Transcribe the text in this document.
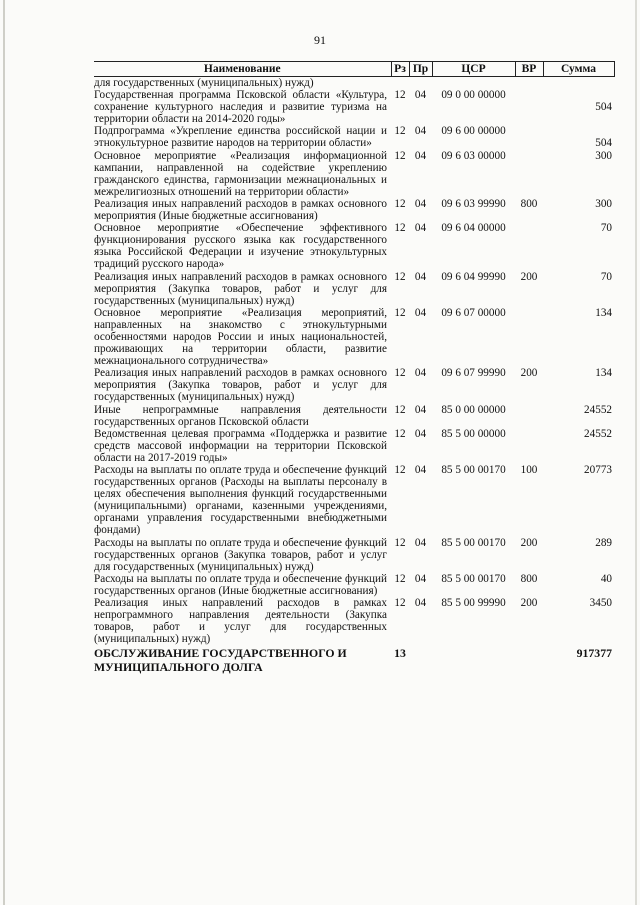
91
Наименование	Рз	Пр	ЦСР	ВР	Сумма
для государственных (муниципальных) нужд)					
Государственная программа Псковской области «Культура, сохранение культурного наследия и развитие туризма на территории области на 2014-2020 годы»	12	04	09 0 00 00000		504
Подпрограмма «Укрепление единства российской нации и этнокультурное развитие народов на территории области»	12	04	09 6 00 00000		504
Основное мероприятие «Реализация информационной кампании, направленной на содействие укреплению гражданского единства, гармонизации межнациональных и межрелигиозных отношений на территории области»	12	04	09 6 03 00000		300
Реализация иных направлений расходов в рамках основного мероприятия (Иные бюджетные ассигнования)	12	04	09 6 03 99990	800	300
Основное мероприятие «Обеспечение эффективного функционирования русского языка как государственного языка Российской Федерации и изучение этнокультурных традиций русского народа»	12	04	09 6 04 00000		70
Реализация иных направлений расходов в рамках основного мероприятия (Закупка товаров, работ и услуг для государственных (муниципальных) нужд)	12	04	09 6 04 99990	200	70
Основное мероприятие «Реализация мероприятий, направленных на знакомство с этнокультурными особенностями народов России и иных национальностей, проживающих на территории области, развитие межнационального сотрудничества»	12	04	09 6 07 00000		134
Реализация иных направлений расходов в рамках основного мероприятия (Закупка товаров, работ и услуг для государственных (муниципальных) нужд)	12	04	09 6 07 99990	200	134
Иные непрограммные направления деятельности государственных органов Псковской области	12	04	85 0 00 00000		24552
Ведомственная целевая программа «Поддержка и развитие средств массовой информации на территории Псковской области на 2017-2019 годы»	12	04	85 5 00 00000		24552
Расходы на выплаты по оплате труда и обеспечение функций государственных органов (Расходы на выплаты персоналу в целях обеспечения выполнения функций государственными (муниципальными) органами, казенными учреждениями, органами управления государственными внебюджетными фондами)	12	04	85 5 00 00170	100	20773
Расходы на выплаты по оплате труда и обеспечение функций государственных органов (Закупка товаров, работ и услуг для государственных (муниципальных) нужд)	12	04	85 5 00 00170	200	289
Расходы на выплаты по оплате труда и обеспечение функций государственных органов (Иные бюджетные ассигнования)	12	04	85 5 00 00170	800	40
Реализация иных направлений расходов в рамках непрограммного направления деятельности (Закупка товаров, работ и услуг для государственных (муниципальных) нужд)	12	04	85 5 00 99990	200	3450
ОБСЛУЖИВАНИЕ ГОСУДАРСТВЕННОГО И МУНИЦИПАЛЬНОГО ДОЛГА	13				917377
